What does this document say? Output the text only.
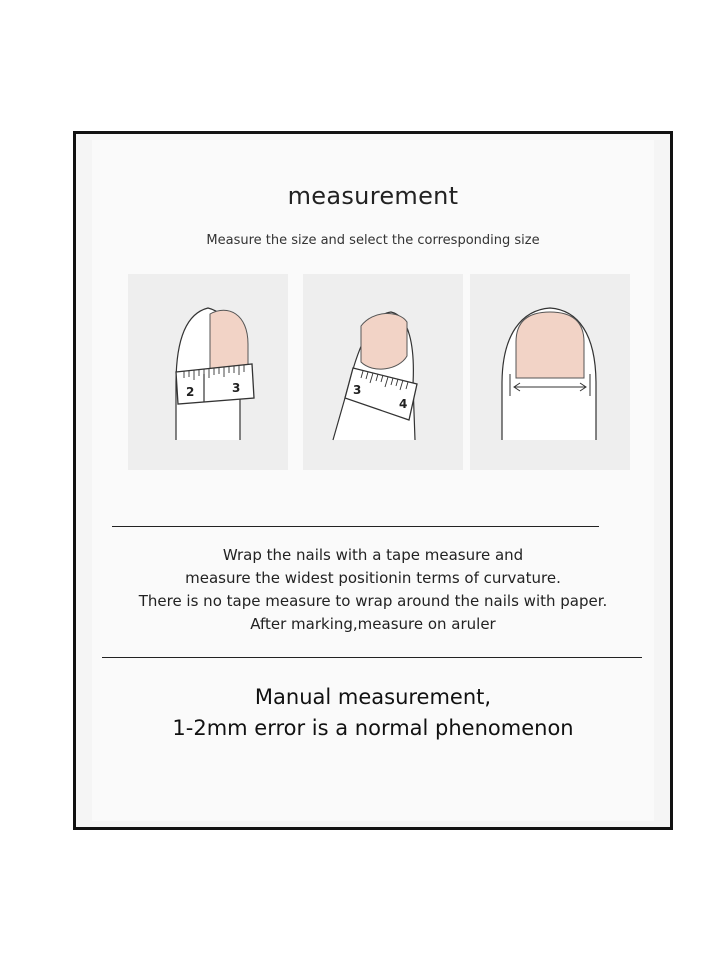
measurement
Measure the size and select the corresponding size
2	3	3
4
Wrap the nails with a tape measure and
measure the widest positionin terms of curvature.
There is no tape measure to wrap around the nails with paper.
After marking,measure on aruler
Manual measurement,
1-2mm error is a normal phenomenon
